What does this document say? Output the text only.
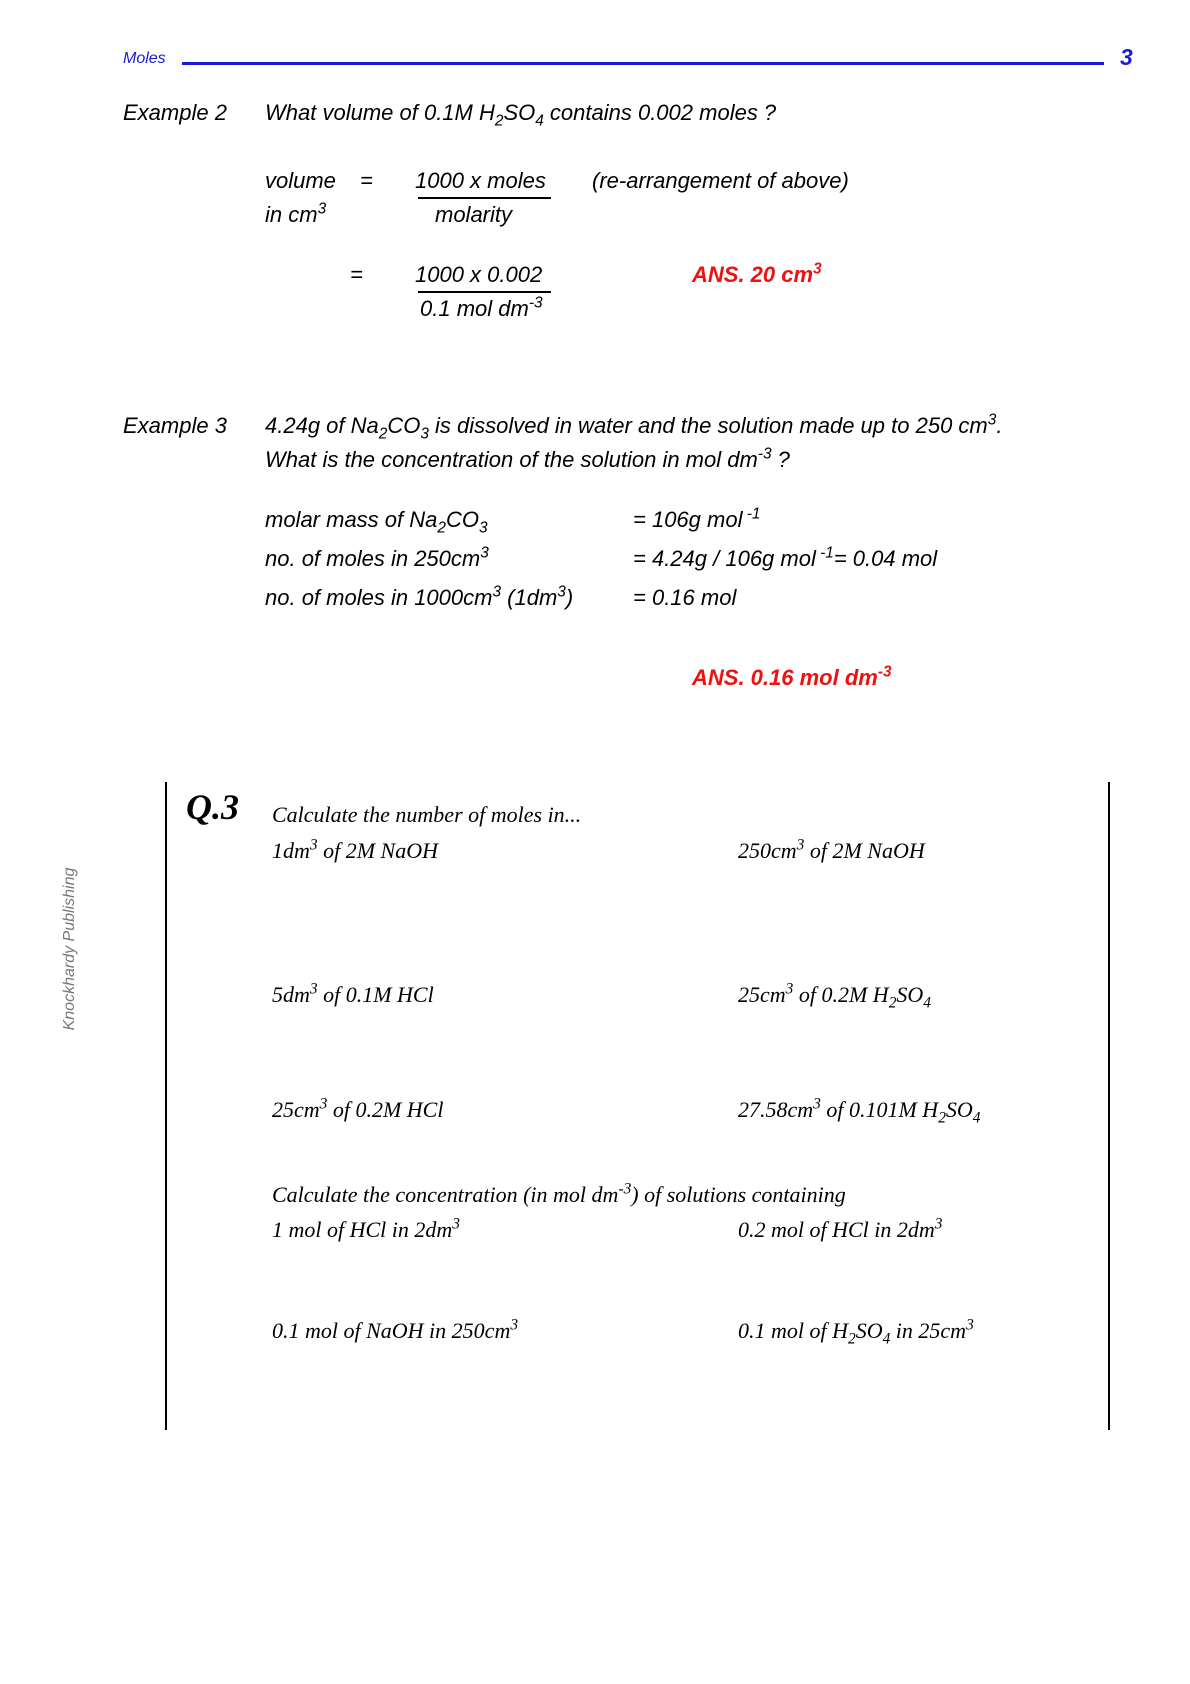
Moles	3
Knockhardy Publishing
Example 2 What volume of 0.1M $H_2SO_4$ contains 0.002 moles ?
volume =
in $cm^3$
1000 x moles
molarity
(re-arrangement of above)
= 1000 x 0.002
0.1 mol $dm^{-3}$
ANS. 20 $cm^3$
Example 3 4.24g of $Na_2CO_3$ is dissolved in water and the solution made up to 250 $cm^3$.
What is the concentration of the solution in mol $dm^{-3}$ ?
molar mass of $Na_2CO_3$	= 106g mol $^{-1}$
no. of moles in $250cm^3$	= 4.24g / 106g mol $^{-1}$= 0.04 mol
no. of moles in $1000cm^3$ $(1dm^3)$	= 0.16 mol
ANS. 0.16 mol $dm^{-3}$
Q.3 Calculate the number of moles in...
$1dm^3$ of 2M NaOH	$250cm^3$ of 2M NaOH
$5dm^3$ of 0.1M HCl	$25cm^3$ of 0.2M $H_2SO_4$
$25cm^3$ of 0.2M HCl	$27.58cm^3$ of 0.101M $H_2SO_4$
Calculate the concentration (in mol $dm^{-3}$) of solutions containing
1 mol of HCl in $2dm^3$	0.2 mol of HCl in $2dm^3$
0.1 mol of NaOH in $250cm^3$	0.1 mol of $H_2SO_4$ in $25cm^3$
